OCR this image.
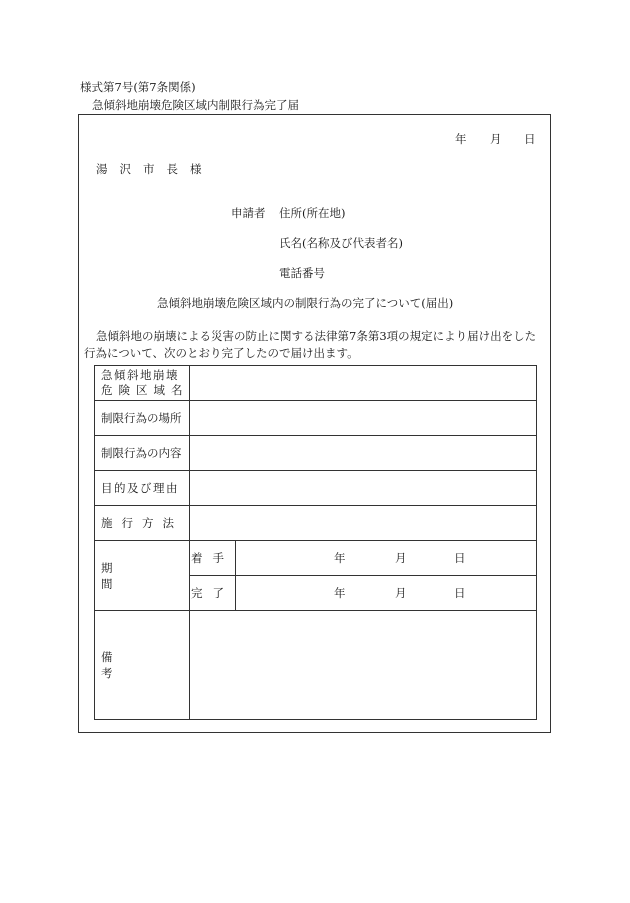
様式第7号(第7条関係)
急傾斜地崩壊危険区域内制限行為完了届
年 月 日
湯沢市長様
申請者 住所(所在地)
氏名(名称及び代表者名)
電話番号
急傾斜地崩壊危険区域内の制限行為の完了について(届出)
急傾斜地の崩壊による災害の防止に関する法律第7条第3項の規定により届け出をした
行為について、次のとおり完了したので届け出ます。
急傾斜地崩壊
危険区域名		

制限行為の場所		
制限行為の内容		
目的及び理由		
施行方法		
期間	着手	年 月 日

	完了	年 月 日

備考		
